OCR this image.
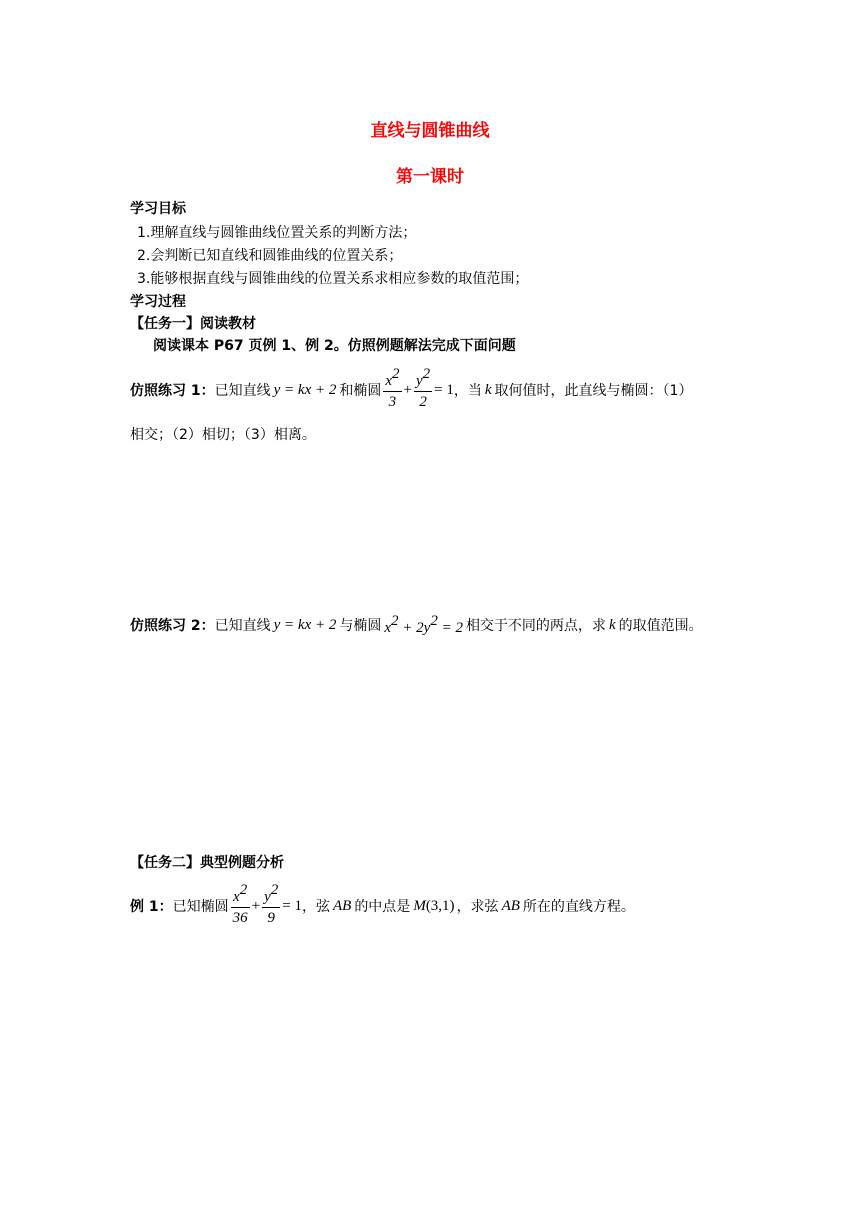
直线与圆锥曲线
第一课时
学习目标
1.理解直线与圆锥曲线位置关系的判断方法；
2.会判断已知直线和圆锥曲线的位置关系；
3.能够根据直线与圆锥曲线的位置关系求相应参数的取值范围；
学习过程
【任务一】阅读教材
阅读课本 P67 页例 1、例 2。仿照例题解法完成下面问题
仿照练习 1： 已知直线 y = kx + 2 和椭圆 $\frac{x^2}{3} + \frac{y^2}{2} = 1$ ，当 k 取何值时，此直线与椭圆：（1）
相交；（2）相切；（3）相离。
仿照练习 2： 已知直线 y = kx + 2 与椭圆 $x^2 + 2y^2 = 2$ 相交于不同的两点，求 k 的取值范围。
【任务二】典型例题分析
例 1： 已知椭圆 $\frac{x^2}{36} + \frac{y^2}{9} = 1$ ，弦 AB 的中点是 M (3,1) ，求弦 AB 所在的直线方程。
